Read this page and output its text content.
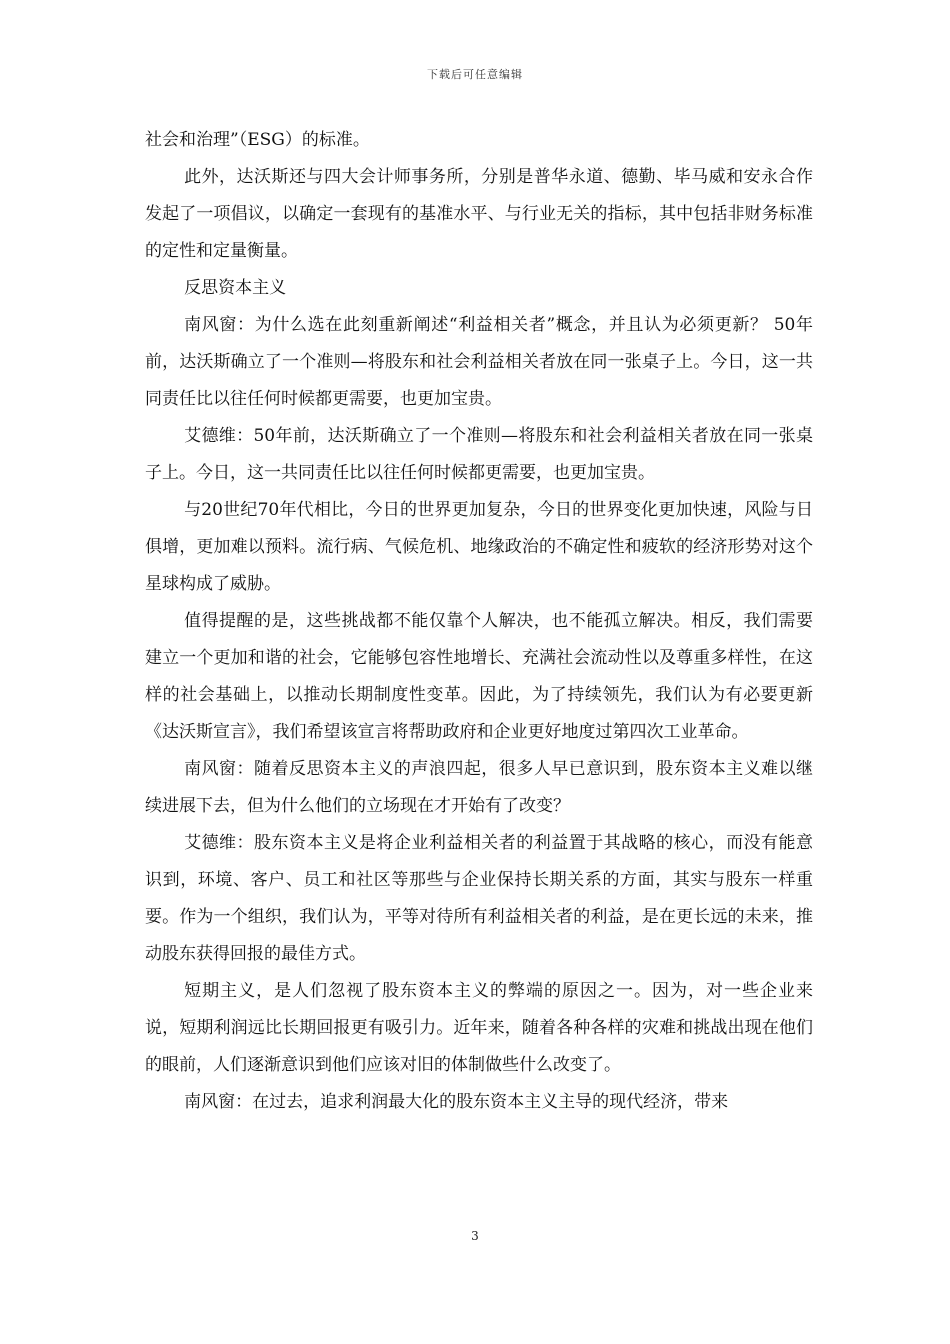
下载后可任意编辑

社会和治理”（ESG）的标准。

此外，达沃斯还与四大会计师事务所，分别是普华永道、德勤、毕马威和安永合作发起了一项倡议，以确定一套现有的基准水平、与行业无关的指标，其中包括非财务标准的定性和定量衡量。

反思资本主义

南风窗：为什么选在此刻重新阐述“利益相关者”概念，并且认为必须更新？ 50年前，达沃斯确立了一个准则—将股东和社会利益相关者放在同一张桌子上。今日，这一共同责任比以往任何时候都更需要，也更加宝贵。

艾德维：50年前，达沃斯确立了一个准则—将股东和社会利益相关者放在同一张桌子上。今日，这一共同责任比以往任何时候都更需要，也更加宝贵。

与20世纪70年代相比，今日的世界更加复杂，今日的世界变化更加快速，风险与日俱增，更加难以预料。流行病、气候危机、地缘政治的不确定性和疲软的经济形势对这个星球构成了威胁。

值得提醒的是，这些挑战都不能仅靠个人解决，也不能孤立解决。相反，我们需要建立一个更加和谐的社会，它能够包容性地增长、充满社会流动性以及尊重多样性，在这样的社会基础上，以推动长期制度性变革。因此，为了持续领先，我们认为有必要更新《达沃斯宣言》，我们希望该宣言将帮助政府和企业更好地度过第四次工业革命。

南风窗：随着反思资本主义的声浪四起，很多人早已意识到，股东资本主义难以继续进展下去，但为什么他们的立场现在才开始有了改变？

艾德维：股东资本主义是将企业利益相关者的利益置于其战略的核心，而没有能意识到，环境、客户、员工和社区等那些与企业保持长期关系的方面，其实与股东一样重要。作为一个组织，我们认为，平等对待所有利益相关者的利益，是在更长远的未来，推动股东获得回报的最佳方式。

短期主义，是人们忽视了股东资本主义的弊端的原因之一。因为，对一些企业来说，短期利润远比长期回报更有吸引力。近年来，随着各种各样的灾难和挑战出现在他们的眼前，人们逐渐意识到他们应该对旧的体制做些什么改变了。

南风窗：在过去，追求利润最大化的股东资本主义主导的现代经济，带来

3
